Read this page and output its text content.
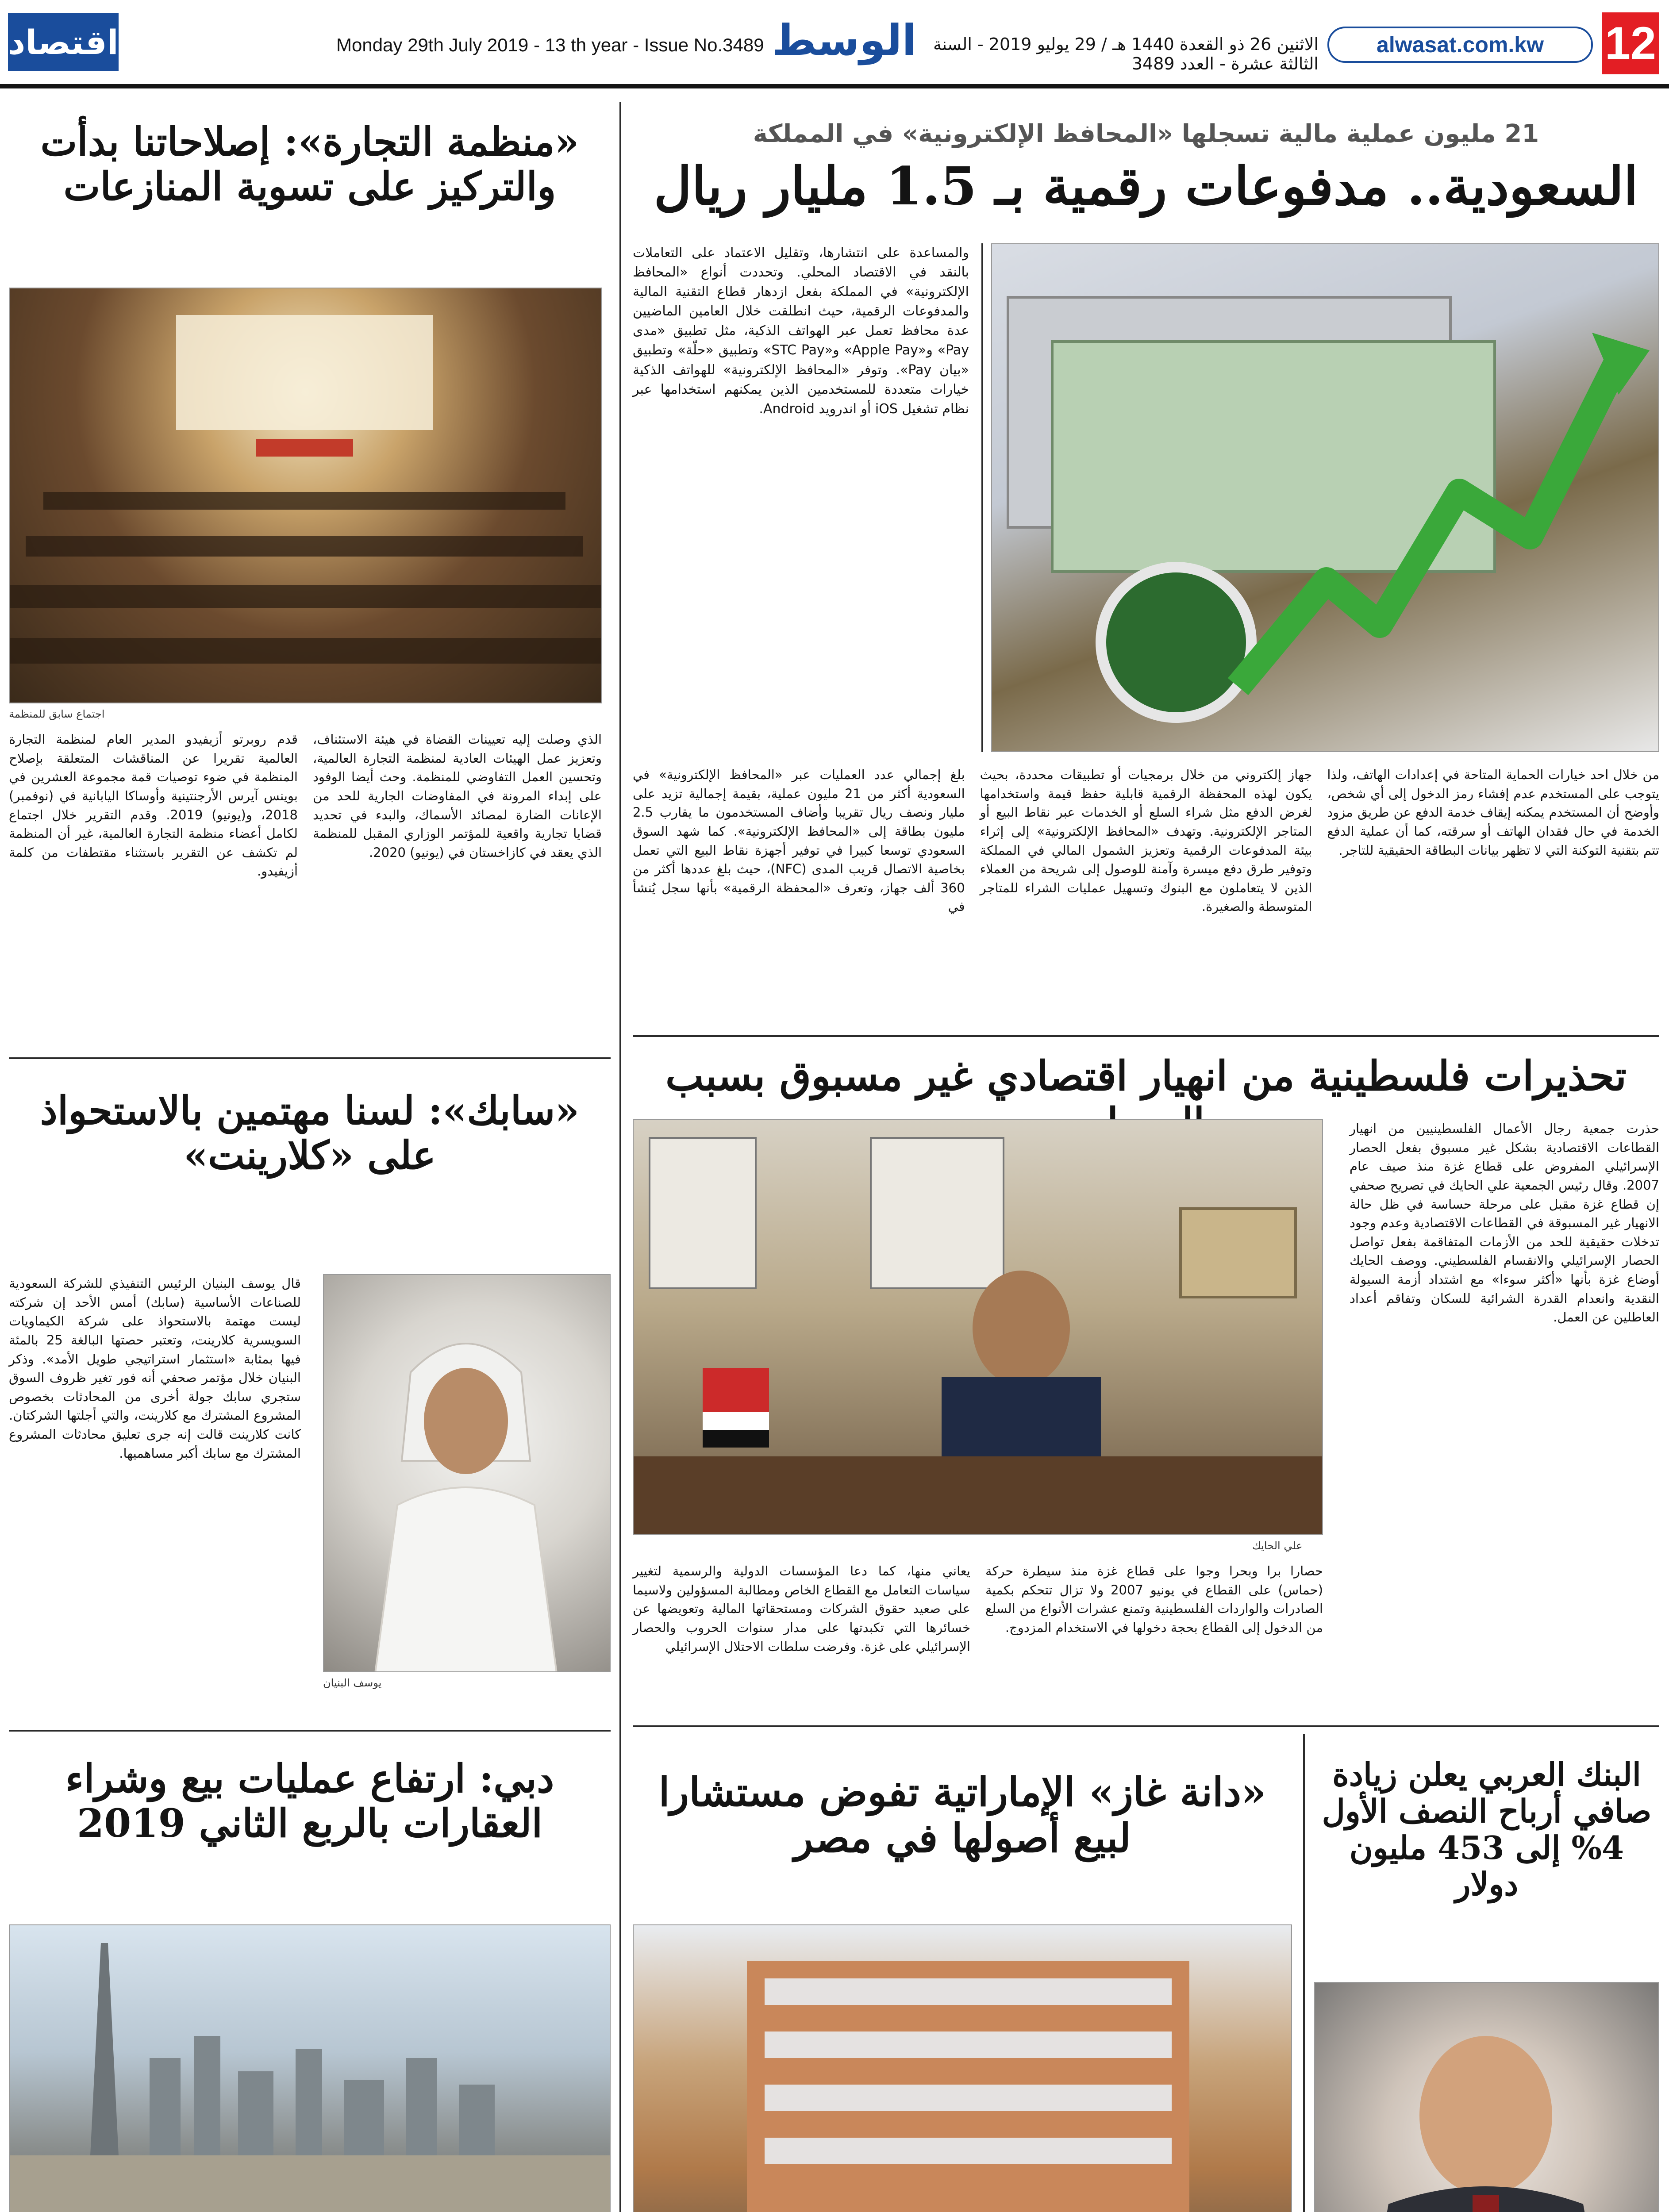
اقتصاد	Monday 29th July 2019 - 13 th year - Issue No.3489 الوسط الاثنين 26 ذو القعدة 1440 هـ / 29 يوليو 2019 - السنة الثالثة عشرة - العدد 3489
alwasat.com.kw	12
21 مليون عملية مالية تسجلها «المحافظ الإلكترونية» في المملكة
السعودية.. مدفوعات رقمية بـ 1.5 مليار ريال
والمساعدة على انتشارها، وتقليل الاعتماد على التعاملات بالنقد في الاقتصاد المحلي. وتحددت أنواع «المحافظ الإلكترونية» في المملكة بفعل ازدهار قطاع التقنية المالية والمدفوعات الرقمية، حيث انطلقت خلال العامين الماضيين عدة محافظ تعمل عبر الهواتف الذكية، مثل تطبيق «مدى Pay» و«Apple Pay» و«STC Pay» وتطبيق «حلّة» وتطبيق «بيان Pay». وتوفر «المحافظ الإلكترونية» للهواتف الذكية خيارات متعددة للمستخدمين الذين يمكنهم استخدامها عبر نظام تشغيل iOS أو اندرويد Android.
من خلال احد خيارات الحماية المتاحة في إعدادات الهاتف، ولذا يتوجب على المستخدم عدم إفشاء رمز الدخول إلى أي شخص، وأوضح أن المستخدم يمكنه إيقاف خدمة الدفع عن طريق مزود الخدمة في حال فقدان الهاتف أو سرقته، كما أن عملية الدفع تتم بتقنية التوكنة التي لا تظهر بيانات البطاقة الحقيقية للتاجر.
جهاز إلكتروني من خلال برمجيات أو تطبيقات محددة، بحيث يكون لهذه المحفظة الرقمية قابلية حفظ قيمة واستخدامها لغرض الدفع مثل شراء السلع أو الخدمات عبر نقاط البيع أو المتاجر الإلكترونية. وتهدف «المحافظ الإلكترونية» إلى إثراء بيئة المدفوعات الرقمية وتعزيز الشمول المالي في المملكة وتوفير طرق دفع ميسرة وآمنة للوصول إلى شريحة من العملاء الذين لا يتعاملون مع البنوك وتسهيل عمليات الشراء للمتاجر المتوسطة والصغيرة.
بلغ إجمالي عدد العمليات عبر «المحافظ الإلكترونية» في السعودية أكثر من 21 مليون عملية، بقيمة إجمالية تزيد على مليار ونصف ريال تقريبا وأضاف المستخدمون ما يقارب 2.5 مليون بطاقة إلى «المحافظ الإلكترونية». كما شهد السوق السعودي توسعا كبيرا في توفير أجهزة نقاط البيع التي تعمل بخاصية الاتصال قريب المدى (NFC)، حيث بلغ عددها أكثر من 360 ألف جهاز، وتعرف «المحفظة الرقمية» بأنها سجل يُنشأ في
«منظمة التجارة»: إصلاحاتنا بدأت والتركيز على تسوية المنازعات
اجتماع سابق للمنظمة
الذي وصلت إليه تعيينات القضاة في هيئة الاستئناف، وتعزيز عمل الهيئات العادية لمنظمة التجارة العالمية، وتحسين العمل التفاوضي للمنظمة. وحث أيضا الوفود على إبداء المرونة في المفاوضات الجارية للحد من الإعانات الضارة لمصائد الأسماك، والبدء في تحديد قضايا تجارية واقعية للمؤتمر الوزاري المقبل للمنظمة الذي يعقد في كازاخستان في (يونيو) 2020.
قدم روبرتو أزيفيدو المدير العام لمنظمة التجارة العالمية تقريرا عن المناقشات المتعلقة بإصلاح المنظمة في ضوء توصيات قمة مجموعة العشرين في بوينس آيرس الأرجنتينية وأوساكا اليابانية في (نوفمبر) 2018، و(يونيو) 2019. وقدم التقرير خلال اجتماع لكامل أعضاء منظمة التجارة العالمية، غير أن المنظمة لم تكشف عن التقرير باستثناء مقتطفات من كلمة أزيفيدو.
تحذيرات فلسطينية من انهيار اقتصادي غير مسبوق بسبب
علي الحايك
حذرت جمعية رجال الأعمال الفلسطينيين من انهيار القطاعات الاقتصادية بشكل غير مسبوق بفعل الحصار الإسرائيلي المفروض على قطاع غزة منذ صيف عام 2007. وقال رئيس الجمعية علي الحايك في تصريح صحفي إن قطاع غزة مقبل على مرحلة حساسة في ظل حالة الانهيار غير المسبوقة في القطاعات الاقتصادية وعدم وجود تدخلات حقيقية للحد من الأزمات المتفاقمة بفعل تواصل الحصار الإسرائيلي والانقسام الفلسطيني. ووصف الحايك أوضاع غزة بأنها «أكثر سوءا» مع اشتداد أزمة السيولة النقدية وانعدام القدرة الشرائية للسكان وتفاقم أعداد العاطلين عن العمل.
حصارا برا وبحرا وجوا على قطاع غزة منذ سيطرة حركة (حماس) على القطاع في يونيو 2007 ولا تزال تتحكم بكمية الصادرات والواردات الفلسطينية وتمنع عشرات الأنواع من السلع من الدخول إلى القطاع بحجة دخولها في الاستخدام المزدوج.
يعاني منها، كما دعا المؤسسات الدولية والرسمية لتغيير سياسات التعامل مع القطاع الخاص ومطالبة المسؤولين ولاسيما على صعيد حقوق الشركات ومستحقاتها المالية وتعويضها عن خسائرها التي تكبدتها على مدار سنوات الحروب والحصار الإسرائيلي على غزة. وفرضت سلطات الاحتلال الإسرائيلي
«سابك»: لسنا مهتمين بالاستحواذ على «كلارينت»
يوسف البنيان
قال يوسف البنيان الرئيس التنفيذي للشركة السعودية للصناعات الأساسية (سابك) أمس الأحد إن شركته ليست مهتمة بالاستحواذ على شركة الكيماويات السويسرية كلارينت، وتعتبر حصتها البالغة 25 بالمئة فيها بمثابة «استثمار استراتيجي طويل الأمد». وذكر البنيان خلال مؤتمر صحفي أنه فور تغير ظروف السوق ستجري سابك جولة أخرى من المحادثات بخصوص المشروع المشترك مع كلارينت، والتي أجلتها الشركتان. كانت كلارينت قالت إنه جرى تعليق محادثات المشروع المشترك مع سابك أكبر مساهميها.
«دانة غاز» الإماراتية تفوض مستشارا لبيع أصولها في مصر
البنك العربي يعلن زيادة صافي أرباح النصف الأول 4% إلى 453 مليون دولار
دبي: ارتفاع عمليات بيع وشراء العقارات بالربع الثاني 2019
